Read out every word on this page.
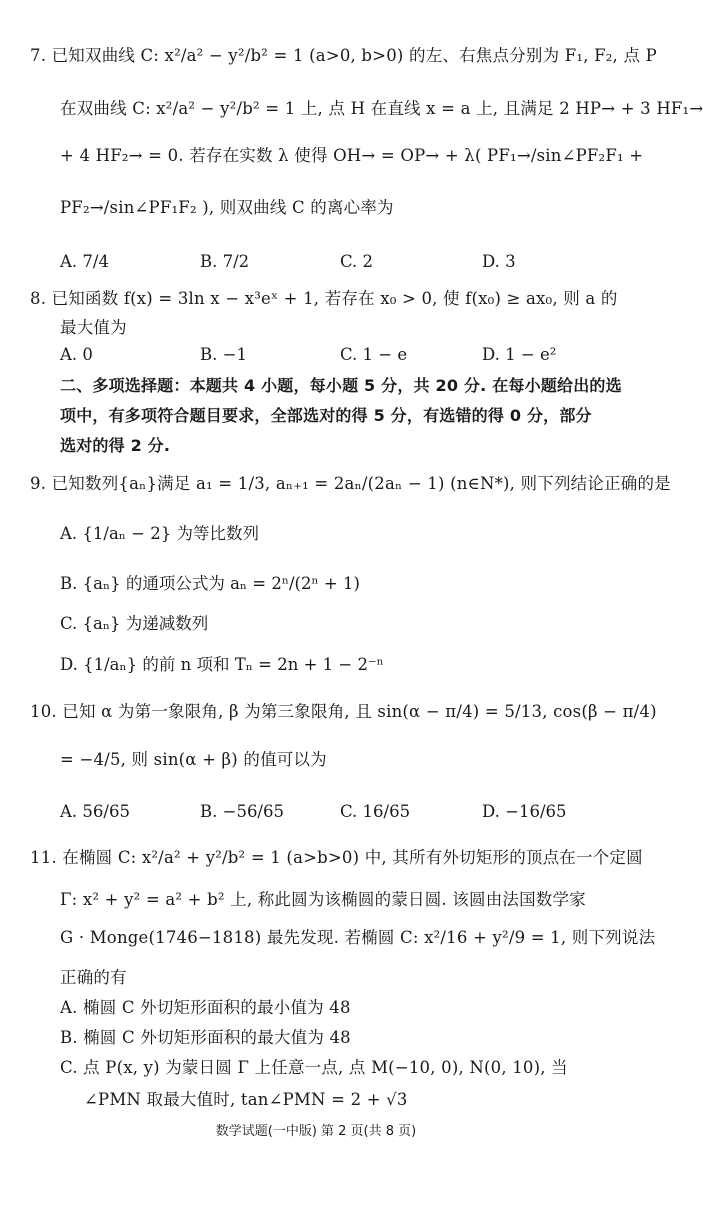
7. 已知双曲线 C: x²/a² − y²/b² = 1 (a>0, b>0) 的左、右焦点分别为 F₁, F₂, 点 P
在双曲线 C: x²/a² − y²/b² = 1 上, 点 H 在直线 x = a 上, 且满足 2 HP→ + 3 HF₁→
+ 4 HF₂→ = 0. 若存在实数 λ 使得 OH→ = OP→ + λ( PF₁→/sin∠PF₂F₁ +
PF₂→/sin∠PF₁F₂ ), 则双曲线 C 的离心率为
A. 7/4	B. 7/2	C. 2	D. 3
8. 已知函数 f(x) = 3ln x − x³eˣ + 1, 若存在 x₀ > 0, 使 f(x₀) ≥ ax₀, 则 a 的
最大值为
A. 0	B. −1	C. 1 − e	D. 1 − e²
二、多项选择题：本题共 4 小题，每小题 5 分，共 20 分. 在每小题给出的选
项中，有多项符合题目要求，全部选对的得 5 分，有选错的得 0 分，部分
选对的得 2 分.
9. 已知数列{aₙ}满足 a₁ = 1/3, aₙ₊₁ = 2aₙ/(2aₙ − 1) (n∈N*), 则下列结论正确的是
A. {1/aₙ − 2} 为等比数列
B. {aₙ} 的通项公式为 aₙ = 2ⁿ/(2ⁿ + 1)
C. {aₙ} 为递减数列
D. {1/aₙ} 的前 n 项和 Tₙ = 2n + 1 − 2⁻ⁿ
10. 已知 α 为第一象限角, β 为第三象限角, 且 sin(α − π/4) = 5/13, cos(β − π/4)
= −4/5, 则 sin(α + β) 的值可以为
A. 56/65	B. −56/65	C. 16/65	D. −16/65
11. 在椭圆 C: x²/a² + y²/b² = 1 (a>b>0) 中, 其所有外切矩形的顶点在一个定圆
Γ: x² + y² = a² + b² 上, 称此圆为该椭圆的蒙日圆. 该圆由法国数学家
G · Monge(1746−1818) 最先发现. 若椭圆 C: x²/16 + y²/9 = 1, 则下列说法
正确的有
A. 椭圆 C 外切矩形面积的最小值为 48
B. 椭圆 C 外切矩形面积的最大值为 48
C. 点 P(x, y) 为蒙日圆 Γ 上任意一点, 点 M(−10, 0), N(0, 10), 当
∠PMN 取最大值时, tan∠PMN = 2 + √3
数学试题(一中版) 第 2 页(共 8 页)
